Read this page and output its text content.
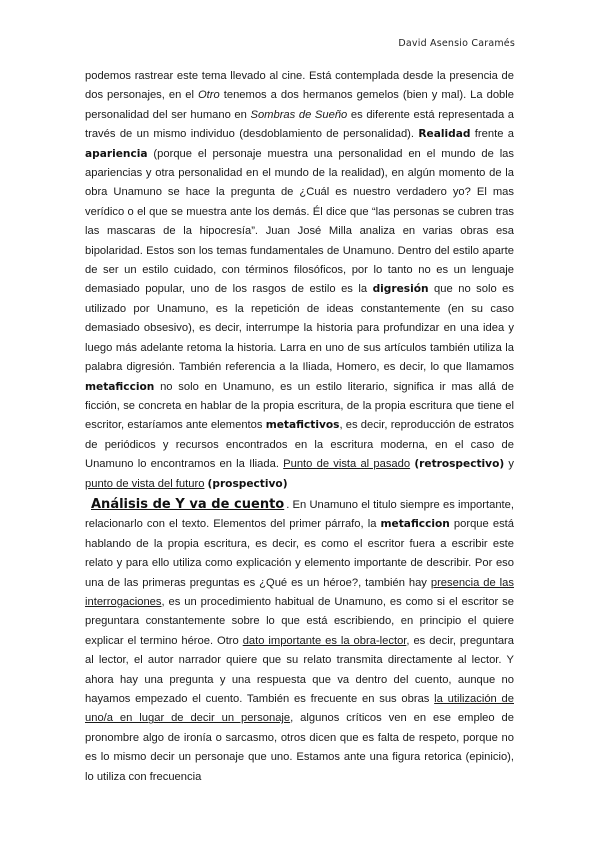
David Asensio Caramés
podemos rastrear este tema llevado al cine. Está contemplada desde la presencia de dos personajes, en el Otro tenemos a dos hermanos gemelos (bien y mal). La doble personalidad del ser humano en Sombras de Sueño es diferente está representada a través de un mismo individuo (desdoblamiento de personalidad). Realidad frente a apariencia (porque el personaje muestra una personalidad en el mundo de las apariencias y otra personalidad en el mundo de la realidad), en algún momento de la obra Unamuno se hace la pregunta de ¿Cuál es nuestro verdadero yo? El mas verídico o el que se muestra ante los demás. Él dice que “las personas se cubren tras las mascaras de la hipocresía”. Juan José Milla analiza en varias obras esa bipolaridad. Estos son los temas fundamentales de Unamuno. Dentro del estilo aparte de ser un estilo cuidado, con términos filosóficos, por lo tanto no es un lenguaje demasiado popular, uno de los rasgos de estilo es la digresión que no solo es utilizado por Unamuno, es la repetición de ideas constantemente (en su caso demasiado obsesivo), es decir, interrumpe la historia para profundizar en una idea y luego más adelante retoma la historia. Larra en uno de sus artículos también utiliza la palabra digresión. También referencia a la Iliada, Homero, es decir, lo que llamamos metaficcion no solo en Unamuno, es un estilo literario, significa ir mas allá de ficción, se concreta en hablar de la propia escritura, de la propia escritura que tiene el escritor, estaríamos ante elementos metafictivos, es decir, reproducción de estratos de periódicos y recursos encontrados en la escritura moderna, en el caso de Unamuno lo encontramos en la Iliada. Punto de vista al pasado (retrospectivo) y punto de vista del futuro (prospectivo)
Análisis de Y va de cuento . En Unamuno el titulo siempre es importante, relacionarlo con el texto. Elementos del primer párrafo, la metaficcion porque está hablando de la propia escritura, es decir, es como el escritor fuera a escribir este relato y para ello utiliza como explicación y elemento importante de describir. Por eso una de las primeras preguntas es ¿Qué es un héroe?, también hay presencia de las interrogaciones, es un procedimiento habitual de Unamuno, es como si el escritor se preguntara constantemente sobre lo que está escribiendo, en principio el quiere explicar el termino héroe. Otro dato importante es la obra-lector, es decir, preguntara al lector, el autor narrador quiere que su relato transmita directamente al lector. Y ahora hay una pregunta y una respuesta que va dentro del cuento, aunque no hayamos empezado el cuento. También es frecuente en sus obras la utilización de uno/a en lugar de decir un personaje, algunos críticos ven en ese empleo de pronombre algo de ironía o sarcasmo, otros dicen que es falta de respeto, porque no es lo mismo decir un personaje que uno. Estamos ante una figura retorica (epinicio), lo utiliza con frecuencia
